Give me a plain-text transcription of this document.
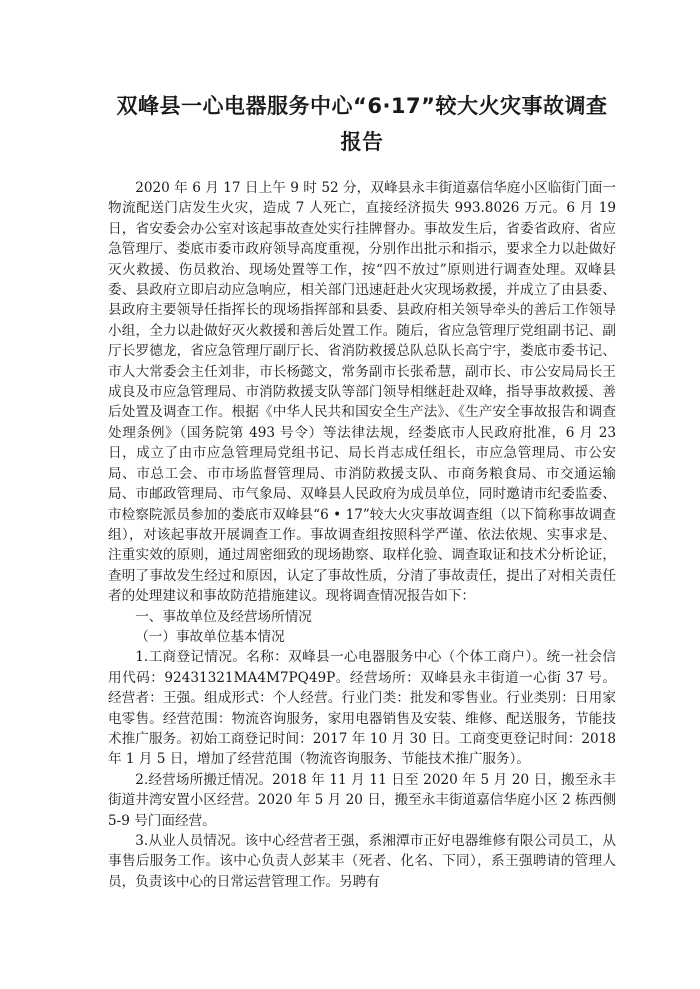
双峰县一心电器服务中心“6·17”较大火灾事故调查
报告

2020 年 6 月 17 日上午 9 时 52 分，双峰县永丰街道嘉信华庭小区临街门面一物流配送门店发生火灾，造成 7 人死亡，直接经济损失 993.8026 万元。6 月 19 日，省安委会办公室对该起事故查处实行挂牌督办。事故发生后，省委省政府、省应急管理厅、娄底市委市政府领导高度重视，分别作出批示和指示，要求全力以赴做好灭火救援、伤员救治、现场处置等工作，按“四不放过”原则进行调查处理。双峰县委、县政府立即启动应急响应，相关部门迅速赶赴火灾现场救援，并成立了由县委、县政府主要领导任指挥长的现场指挥部和县委、县政府相关领导牵头的善后工作领导小组，全力以赴做好灭火救援和善后处置工作。随后，省应急管理厅党组副书记、副厅长罗德龙，省应急管理厅副厅长、省消防救援总队总队长高宁宇，娄底市委书记、市人大常委会主任刘非，市长杨懿文，常务副市长张希慧，副市长、市公安局局长王成良及市应急管理局、市消防救援支队等部门领导相继赶赴双峰，指导事故救援、善后处置及调查工作。根据《中华人民共和国安全生产法》、《生产安全事故报告和调查处理条例》（国务院第 493 号令）等法律法规，经娄底市人民政府批准，6 月 23 日，成立了由市应急管理局党组书记、局长肖志成任组长，市应急管理局、市公安局、市总工会、市市场监督管理局、市消防救援支队、市商务粮食局、市交通运输局、市邮政管理局、市气象局、双峰县人民政府为成员单位，同时邀请市纪委监委、市检察院派员参加的娄底市双峰县“6 • 17”较大火灾事故调查组（以下简称事故调查组），对该起事故开展调查工作。事故调查组按照科学严谨、依法依规、实事求是、注重实效的原则，通过周密细致的现场勘察、取样化验、调查取证和技术分析论证，查明了事故发生经过和原因，认定了事故性质，分清了事故责任，提出了对相关责任者的处理建议和事故防范措施建议。现将调查情况报告如下：

一、事故单位及经营场所情况

（一）事故单位基本情况

1.工商登记情况。名称：双峰县一心电器服务中心（个体工商户）。统一社会信用代码：92431321MA4M7PQ49P。经营场所：双峰县永丰街道一心街 37 号。经营者：王强。组成形式：个人经营。行业门类：批发和零售业。行业类别：日用家电零售。经营范围：物流咨询服务，家用电器销售及安装、维修、配送服务，节能技术推广服务。初始工商登记时间：2017 年 10 月 30 日。工商变更登记时间：2018 年 1 月 5 日，增加了经营范围（物流咨询服务、节能技术推广服务）。

2.经营场所搬迁情况。2018 年 11 月 11 日至 2020 年 5 月 20 日，搬至永丰街道井湾安置小区经营。2020 年 5 月 20 日，搬至永丰街道嘉信华庭小区 2 栋西侧 5-9 号门面经营。

3.从业人员情况。该中心经营者王强，系湘潭市正好电器维修有限公司员工，从事售后服务工作。该中心负责人彭某丰（死者、化名、下同），系王强聘请的管理人员，负责该中心的日常运营管理工作。另聘有
